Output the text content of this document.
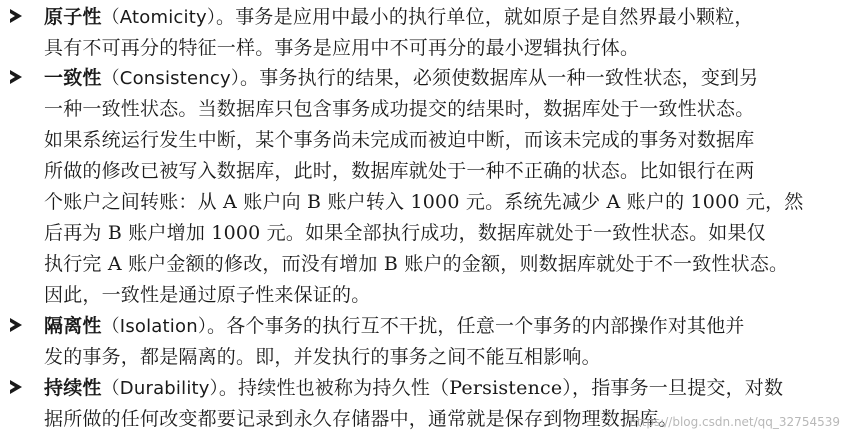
原子性（Atomicity）。事务是应用中最小的执行单位，就如原子是自然界最小颗粒，
具有不可再分的特征一样。事务是应用中不可再分的最小逻辑执行体。
一致性（Consistency）。事务执行的结果，必须使数据库从一种一致性状态，变到另
一种一致性状态。当数据库只包含事务成功提交的结果时，数据库处于一致性状态。
如果系统运行发生中断，某个事务尚未完成而被迫中断，而该未完成的事务对数据库
所做的修改已被写入数据库，此时，数据库就处于一种不正确的状态。比如银行在两
个账户之间转账：从 A 账户向 B 账户转入 1000 元。系统先减少 A 账户的 1000 元，然
后再为 B 账户增加 1000 元。如果全部执行成功，数据库就处于一致性状态。如果仅
执行完 A 账户金额的修改，而没有增加 B 账户的金额，则数据库就处于不一致性状态。
因此，一致性是通过原子性来保证的。
隔离性（Isolation）。各个事务的执行互不干扰，任意一个事务的内部操作对其他并
发的事务，都是隔离的。即，并发执行的事务之间不能互相影响。
持续性（Durability）。持续性也被称为持久性（Persistence），指事务一旦提交，对数
据所做的任何改变都要记录到永久存储器中，通常就是保存到物理数据库。
https://blog.csdn.net/qq_32754539
